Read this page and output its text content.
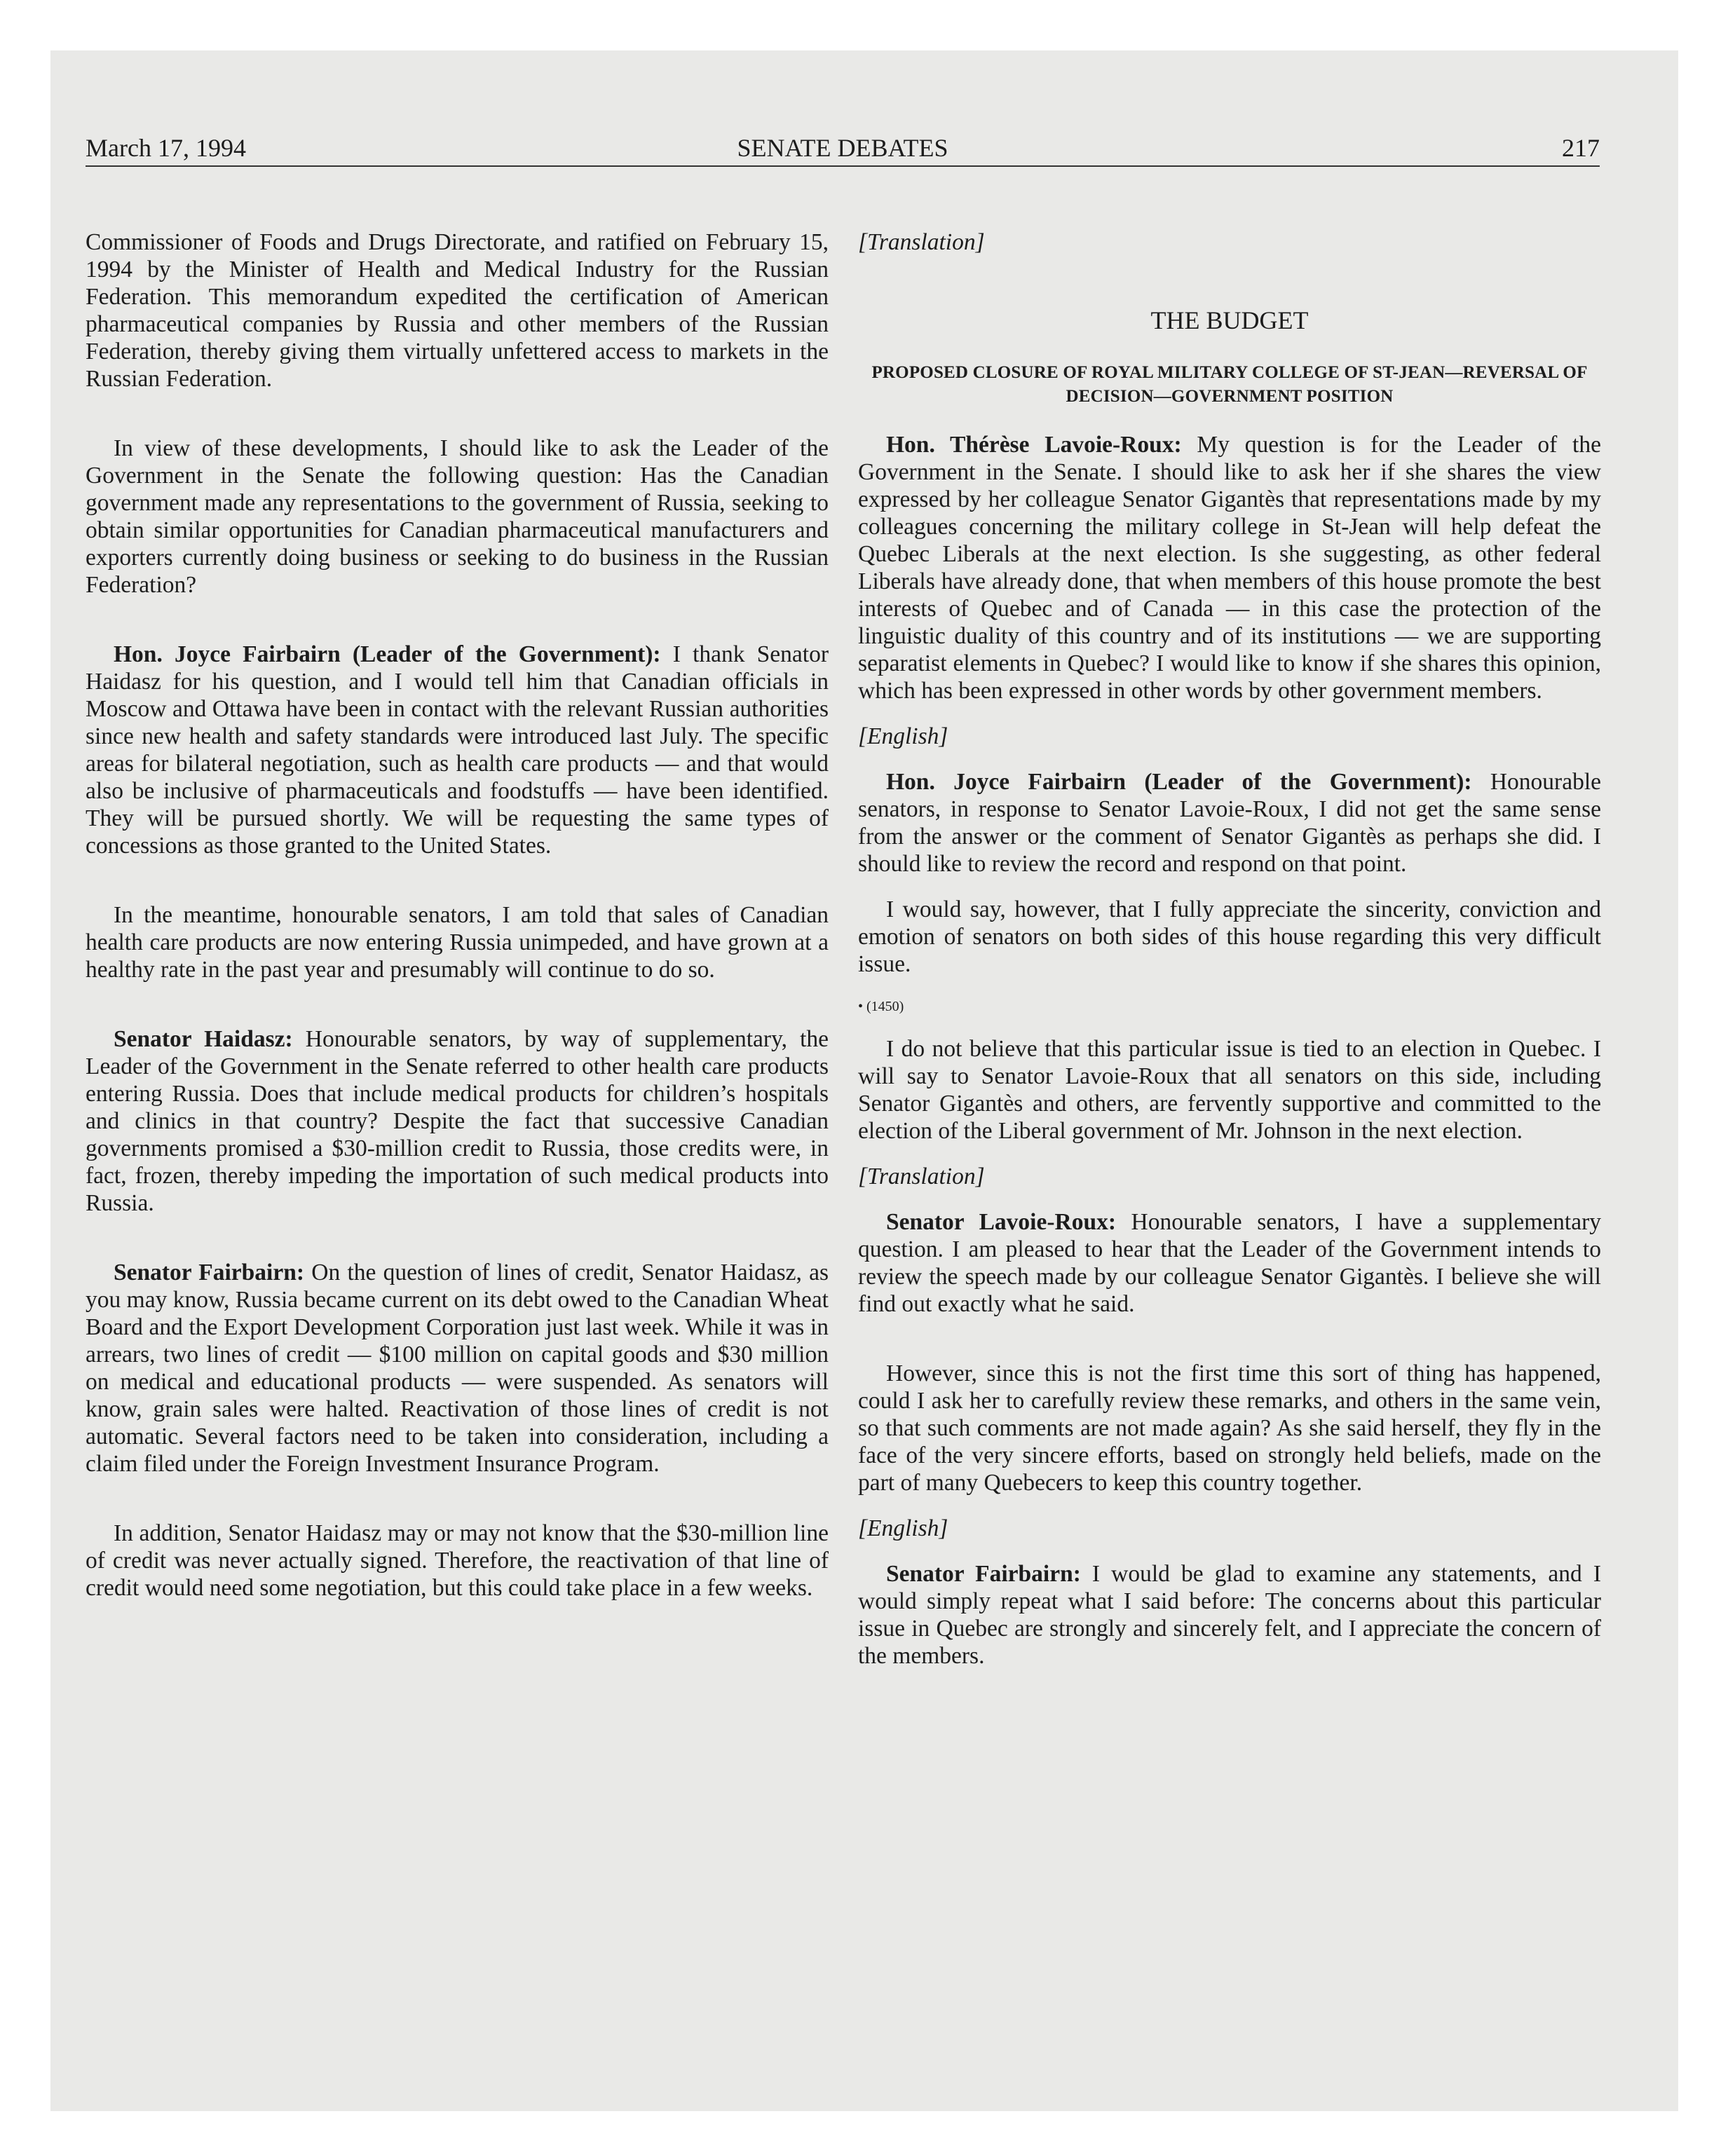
March 17, 1994	SENATE DEBATES	217

Commissioner of Foods and Drugs Directorate, and ratified on February 15, 1994 by the Minister of Health and Medical Industry for the Russian Federation. This memorandum expedited the certification of American pharmaceutical companies by Russia and other members of the Russian Federation, thereby giving them virtually unfettered access to markets in the Russian Federation.

In view of these developments, I should like to ask the Leader of the Government in the Senate the following question: Has the Canadian government made any representations to the government of Russia, seeking to obtain similar opportunities for Canadian pharmaceutical manufacturers and exporters currently doing business or seeking to do business in the Russian Federation?

Hon. Joyce Fairbairn (Leader of the Government): I thank Senator Haidasz for his question, and I would tell him that Canadian officials in Moscow and Ottawa have been in contact with the relevant Russian authorities since new health and safety standards were introduced last July. The specific areas for bilateral negotiation, such as health care products — and that would also be inclusive of pharmaceuticals and foodstuffs — have been identified. They will be pursued shortly. We will be requesting the same types of concessions as those granted to the United States.

In the meantime, honourable senators, I am told that sales of Canadian health care products are now entering Russia unimpeded, and have grown at a healthy rate in the past year and presumably will continue to do so.

Senator Haidasz: Honourable senators, by way of supplementary, the Leader of the Government in the Senate referred to other health care products entering Russia. Does that include medical products for children’s hospitals and clinics in that country? Despite the fact that successive Canadian governments promised a $30-million credit to Russia, those credits were, in fact, frozen, thereby impeding the importation of such medical products into Russia.

Senator Fairbairn: On the question of lines of credit, Senator Haidasz, as you may know, Russia became current on its debt owed to the Canadian Wheat Board and the Export Development Corporation just last week. While it was in arrears, two lines of credit — $100 million on capital goods and $30 million on medical and educational products — were suspended. As senators will know, grain sales were halted. Reactivation of those lines of credit is not automatic. Several factors need to be taken into consideration, including a claim filed under the Foreign Investment Insurance Program.

In addition, Senator Haidasz may or may not know that the $30-million line of credit was never actually signed. Therefore, the reactivation of that line of credit would need some negotiation, but this could take place in a few weeks.

[Translation]

THE BUDGET

PROPOSED CLOSURE OF ROYAL MILITARY COLLEGE OF ST-JEAN—REVERSAL OF DECISION—GOVERNMENT POSITION

Hon. Thérèse Lavoie-Roux: My question is for the Leader of the Government in the Senate. I should like to ask her if she shares the view expressed by her colleague Senator Gigantès that representations made by my colleagues concerning the military college in St-Jean will help defeat the Quebec Liberals at the next election. Is she suggesting, as other federal Liberals have already done, that when members of this house promote the best interests of Quebec and of Canada — in this case the protection of the linguistic duality of this country and of its institutions — we are supporting separatist elements in Quebec? I would like to know if she shares this opinion, which has been expressed in other words by other government members.

[English]

Hon. Joyce Fairbairn (Leader of the Government): Honourable senators, in response to Senator Lavoie-Roux, I did not get the same sense from the answer or the comment of Senator Gigantès as perhaps she did. I should like to review the record and respond on that point.

I would say, however, that I fully appreciate the sincerity, conviction and emotion of senators on both sides of this house regarding this very difficult issue.

• (1450)

I do not believe that this particular issue is tied to an election in Quebec. I will say to Senator Lavoie-Roux that all senators on this side, including Senator Gigantès and others, are fervently supportive and committed to the election of the Liberal government of Mr. Johnson in the next election.

[Translation]

Senator Lavoie-Roux: Honourable senators, I have a supplementary question. I am pleased to hear that the Leader of the Government intends to review the speech made by our colleague Senator Gigantès. I believe she will find out exactly what he said.

However, since this is not the first time this sort of thing has happened, could I ask her to carefully review these remarks, and others in the same vein, so that such comments are not made again? As she said herself, they fly in the face of the very sincere efforts, based on strongly held beliefs, made on the part of many Quebecers to keep this country together.

[English]

Senator Fairbairn: I would be glad to examine any statements, and I would simply repeat what I said before: The concerns about this particular issue in Quebec are strongly and sincerely felt, and I appreciate the concern of the members.
